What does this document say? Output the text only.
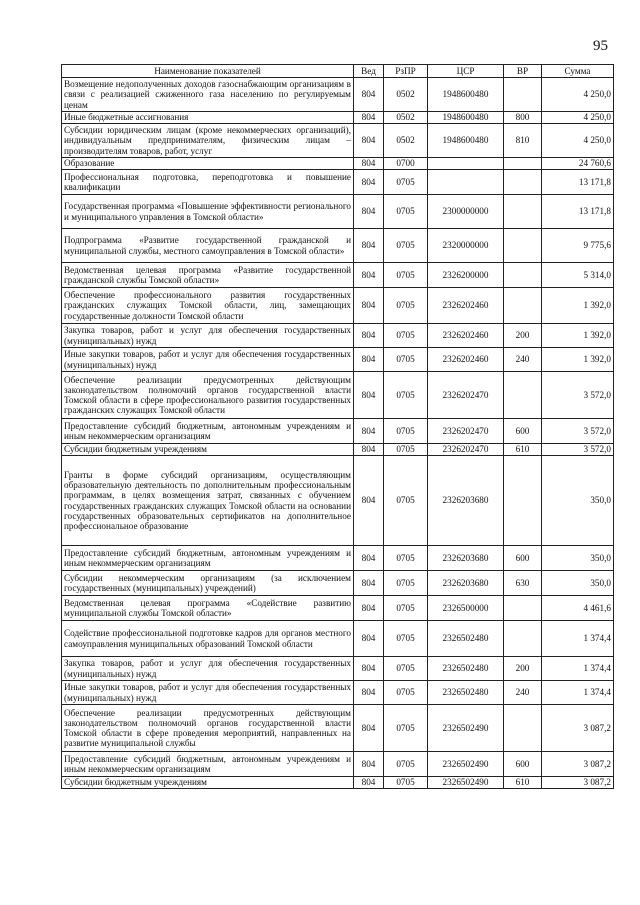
95
Наименование показателей	Вед	РзПР	ЦСР	ВР	Сумма
Возмещение недополученных доходов газоснабжающим организациям в связи с реализацией сжиженного газа населению по регулируемым ценам	804	0502	1948600480		4 250,0
Иные бюджетные ассигнования	804	0502	1948600480	800	4 250,0
Субсидии юридическим лицам (кроме некоммерческих организаций), индивидуальным предпринимателям, физическим лицам – производителям товаров, работ, услуг	804	0502	1948600480	810	4 250,0
Образование	804	0700			24 760,6
Профессиональная подготовка, переподготовка и повышение квалификации	804	0705			13 171,8
Государственная программа «Повышение эффективности регионального и муниципального управления в Томской области»	804	0705	2300000000		13 171,8
Подпрограмма «Развитие государственной гражданской и муниципальной службы, местного самоуправления в Томской области»	804	0705	2320000000		9 775,6
Ведомственная целевая программа «Развитие государственной гражданской службы Томской области»	804	0705	2326200000		5 314,0
Обеспечение профессионального развития государственных гражданских служащих Томской области, лиц, замещающих государственные должности Томской области	804	0705	2326202460		1 392,0
Закупка товаров, работ и услуг для обеспечения государственных (муниципальных) нужд	804	0705	2326202460	200	1 392,0
Иные закупки товаров, работ и услуг для обеспечения государственных (муниципальных) нужд	804	0705	2326202460	240	1 392,0
Обеспечение реализации предусмотренных действующим законодательством полномочий органов государственной власти Томской области в сфере профессионального развития государственных гражданских служащих Томской области	804	0705	2326202470		3 572,0
Предоставление субсидий бюджетным, автономным учреждениям и иным некоммерческим организациям	804	0705	2326202470	600	3 572,0
Субсидии бюджетным учреждениям	804	0705	2326202470	610	3 572,0
Гранты в форме субсидий организациям, осуществляющим образовательную деятельность по дополнительным профессиональным программам, в целях возмещения затрат, связанных с обучением государственных гражданских служащих Томской области на основании государственных образовательных сертификатов на дополнительное профессиональное образование	804	0705	2326203680		350,0
Предоставление субсидий бюджетным, автономным учреждениям и иным некоммерческим организациям	804	0705	2326203680	600	350,0
Субсидии некоммерческим организациям (за исключением государственных (муниципальных) учреждений)	804	0705	2326203680	630	350,0
Ведомственная целевая программа «Содействие развитию муниципальной службы Томской области»	804	0705	2326500000		4 461,6
Содействие профессиональной подготовке кадров для органов местного самоуправления муниципальных образований Томской области	804	0705	2326502480		1 374,4
Закупка товаров, работ и услуг для обеспечения государственных (муниципальных) нужд	804	0705	2326502480	200	1 374,4
Иные закупки товаров, работ и услуг для обеспечения государственных (муниципальных) нужд	804	0705	2326502480	240	1 374,4
Обеспечение реализации предусмотренных действующим законодательством полномочий органов государственной власти Томской области в сфере проведения мероприятий, направленных на развитие муниципальной службы	804	0705	2326502490		3 087,2
Предоставление субсидий бюджетным, автономным учреждениям и иным некоммерческим организациям	804	0705	2326502490	600	3 087,2
Субсидии бюджетным учреждениям	804	0705	2326502490	610	3 087,2
